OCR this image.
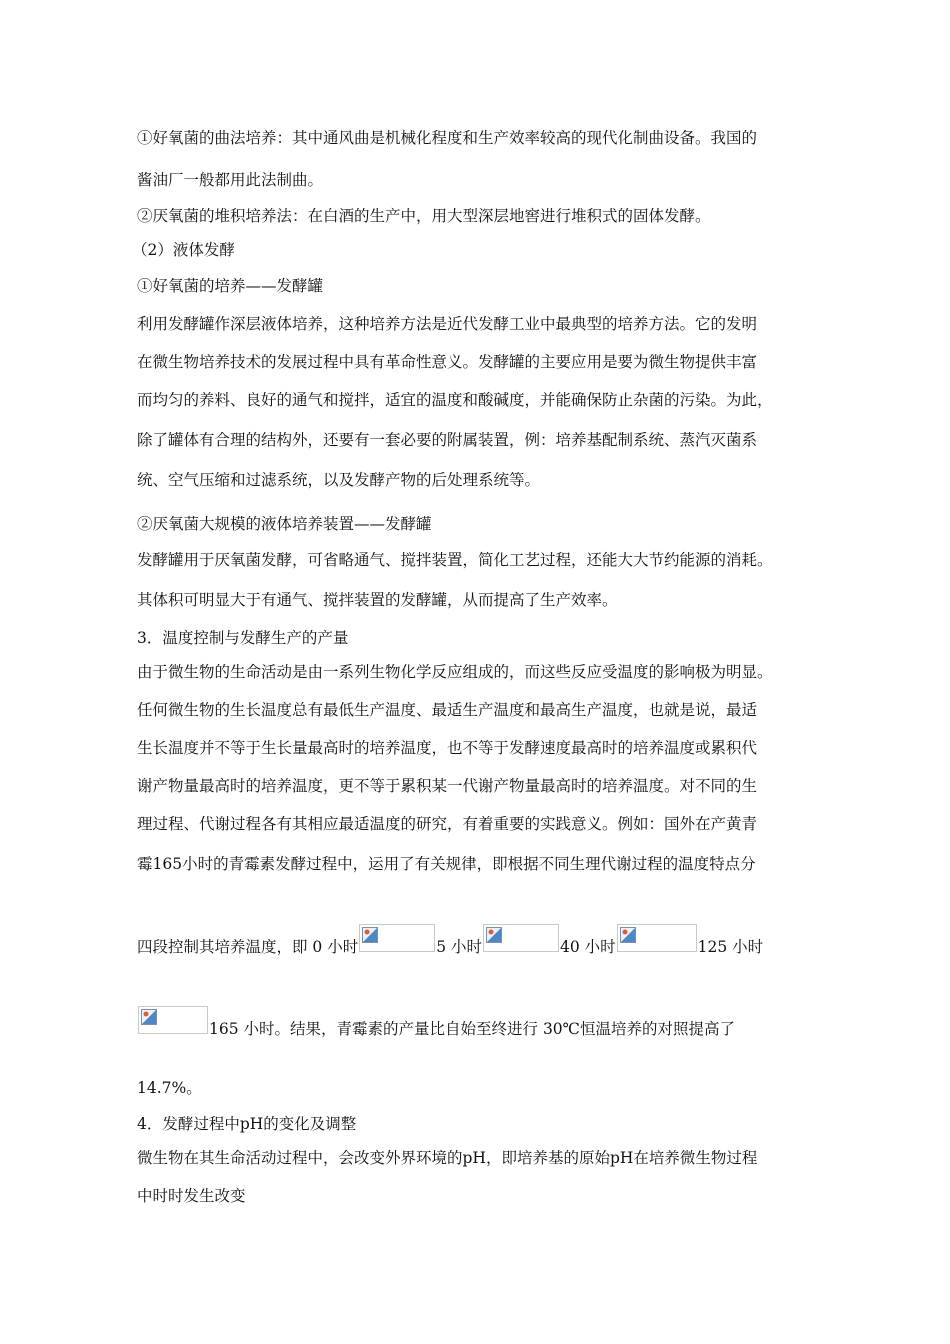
①好氧菌的曲法培养：其中通风曲是机械化程度和生产效率较高的现代化制曲设备。我国的
酱油厂一般都用此法制曲。
②厌氧菌的堆积培养法：在白酒的生产中，用大型深层地窖进行堆积式的固体发酵。
（2）液体发酵
①好氧菌的培养——发酵罐
利用发酵罐作深层液体培养，这种培养方法是近代发酵工业中最典型的培养方法。它的发明
在微生物培养技术的发展过程中具有革命性意义。发酵罐的主要应用是要为微生物提供丰富
而均匀的养料、良好的通气和搅拌，适宜的温度和酸碱度，并能确保防止杂菌的污染。为此，
除了罐体有合理的结构外，还要有一套必要的附属装置，例：培养基配制系统、蒸汽灭菌系
统、空气压缩和过滤系统，以及发酵产物的后处理系统等。
②厌氧菌大规模的液体培养装置——发酵罐
发酵罐用于厌氧菌发酵，可省略通气、搅拌装置，简化工艺过程，还能大大节约能源的消耗。
其体积可明显大于有通气、搅拌装置的发酵罐，从而提高了生产效率。
3．温度控制与发酵生产的产量
由于微生物的生命活动是由一系列生物化学反应组成的，而这些反应受温度的影响极为明显。
任何微生物的生长温度总有最低生产温度、最适生产温度和最高生产温度，也就是说，最适
生长温度并不等于生长量最高时的培养温度，也不等于发酵速度最高时的培养温度或累积代
谢产物量最高时的培养温度，更不等于累积某一代谢产物量最高时的培养温度。对不同的生
理过程、代谢过程各有其相应最适温度的研究，有着重要的实践意义。例如：国外在产黄青
霉165小时的青霉素发酵过程中，运用了有关规律，即根据不同生理代谢过程的温度特点分
四段控制其培养温度，即 0 小时	5 小时	40 小时	125 小时
165 小时。结果，青霉素的产量比自始至终进行 30℃恒温培养的对照提高了
14.7%。
4．发酵过程中pH的变化及调整
微生物在其生命活动过程中，会改变外界环境的pH，即培养基的原始pH在培养微生物过程
中时时发生改变
